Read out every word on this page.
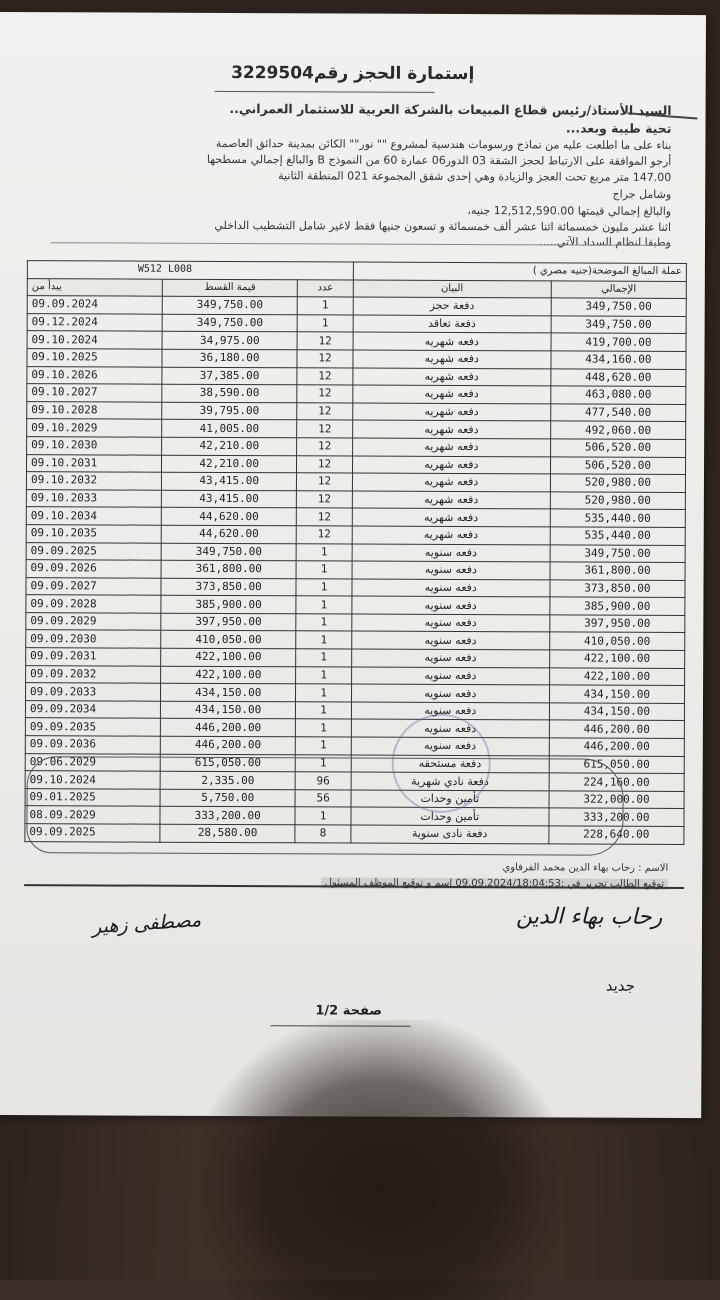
إستمارة الحجز رقم3229504
السيد الأستاذ/رئيس قطاع المبيعات بالشركة العربية للاستثمار العمراني..
تحية طيبة وبعد...
بناء على ما اطلعت عليه من نماذج ورسومات هندسية لمشروع "" نور"" الكائن بمدينة حدائق العاصمة
أرجو الموافقة على الارتباط لحجز الشقة 03 الدور06 عمارة 60 من النموذج B والبالغ إجمالي مسطحها
147.00 متر مربع تحت العجز والزيادة وهي إحدى شقق المجموعة 021 المنطقة الثانية
وشامل جراج
والبالغ إجمالي قيمتها 12,512,590.00 جنيه،
اثنا عشر مليون خمسمائة اثنا عشر ألف خمسمائة و تسعون جنيها فقط لاغير شامل التشطيب الداخلي
وطبقا لنظام السداد الآتي.....
W512 L008			عملة المبالغ الموضحة(جنيه مصري )	
يبدأ من	قيمة القسط	عدد	البيان	الإجمالي
09.09.2024	349,750.00	1	دفعة حجز	349,750.00
09.12.2024	349,750.00	1	دفعة تعاقد	349,750.00
09.10.2024	34,975.00	12	دفعه شهريه	419,700.00
09.10.2025	36,180.00	12	دفعه شهريه	434,160.00
09.10.2026	37,385.00	12	دفعه شهريه	448,620.00
09.10.2027	38,590.00	12	دفعه شهريه	463,080.00
09.10.2028	39,795.00	12	دفعه شهريه	477,540.00
09.10.2029	41,005.00	12	دفعه شهريه	492,060.00
09.10.2030	42,210.00	12	دفعه شهريه	506,520.00
09.10.2031	42,210.00	12	دفعه شهريه	506,520.00
09.10.2032	43,415.00	12	دفعه شهريه	520,980.00
09.10.2033	43,415.00	12	دفعه شهريه	520,980.00
09.10.2034	44,620.00	12	دفعه شهريه	535,440.00
09.10.2035	44,620.00	12	دفعه شهريه	535,440.00
09.09.2025	349,750.00	1	دفعه سنويه	349,750.00
09.09.2026	361,800.00	1	دفعه سنويه	361,800.00
09.09.2027	373,850.00	1	دفعه سنويه	373,850.00
09.09.2028	385,900.00	1	دفعه سنويه	385,900.00
09.09.2029	397,950.00	1	دفعه سنويه	397,950.00
09.09.2030	410,050.00	1	دفعه سنويه	410,050.00
09.09.2031	422,100.00	1	دفعه سنويه	422,100.00
09.09.2032	422,100.00	1	دفعه سنويه	422,100.00
09.09.2033	434,150.00	1	دفعه سنويه	434,150.00
09.09.2034	434,150.00	1	دفعه سنويه	434,150.00
09.09.2035	446,200.00	1	دفعه سنويه	446,200.00
09.09.2036	446,200.00	1	دفعه سنويه	446,200.00
09.06.2029	615,050.00	1	دفعة مستحقه	615,050.00
09.10.2024	2,335.00	96	دفعة نادي شهرية	224,160.00
09.01.2025	5,750.00	56	تأمين وحدات	322,000.00
08.09.2029	333,200.00	1	تأمين وحدات	333,200.00
09.09.2025	28,580.00	8	دفعة نادى سنوية	228,640.00
الاسم : رحاب بهاء الدين محمد الفرفاوي
توقيع الطالب تحرير في :09.09.2024/18:04:53 اسم و توقيع الموظف المسئول
رحاب بهاء الدين
مصطفى زهير
جديد
صفحة 1/2
